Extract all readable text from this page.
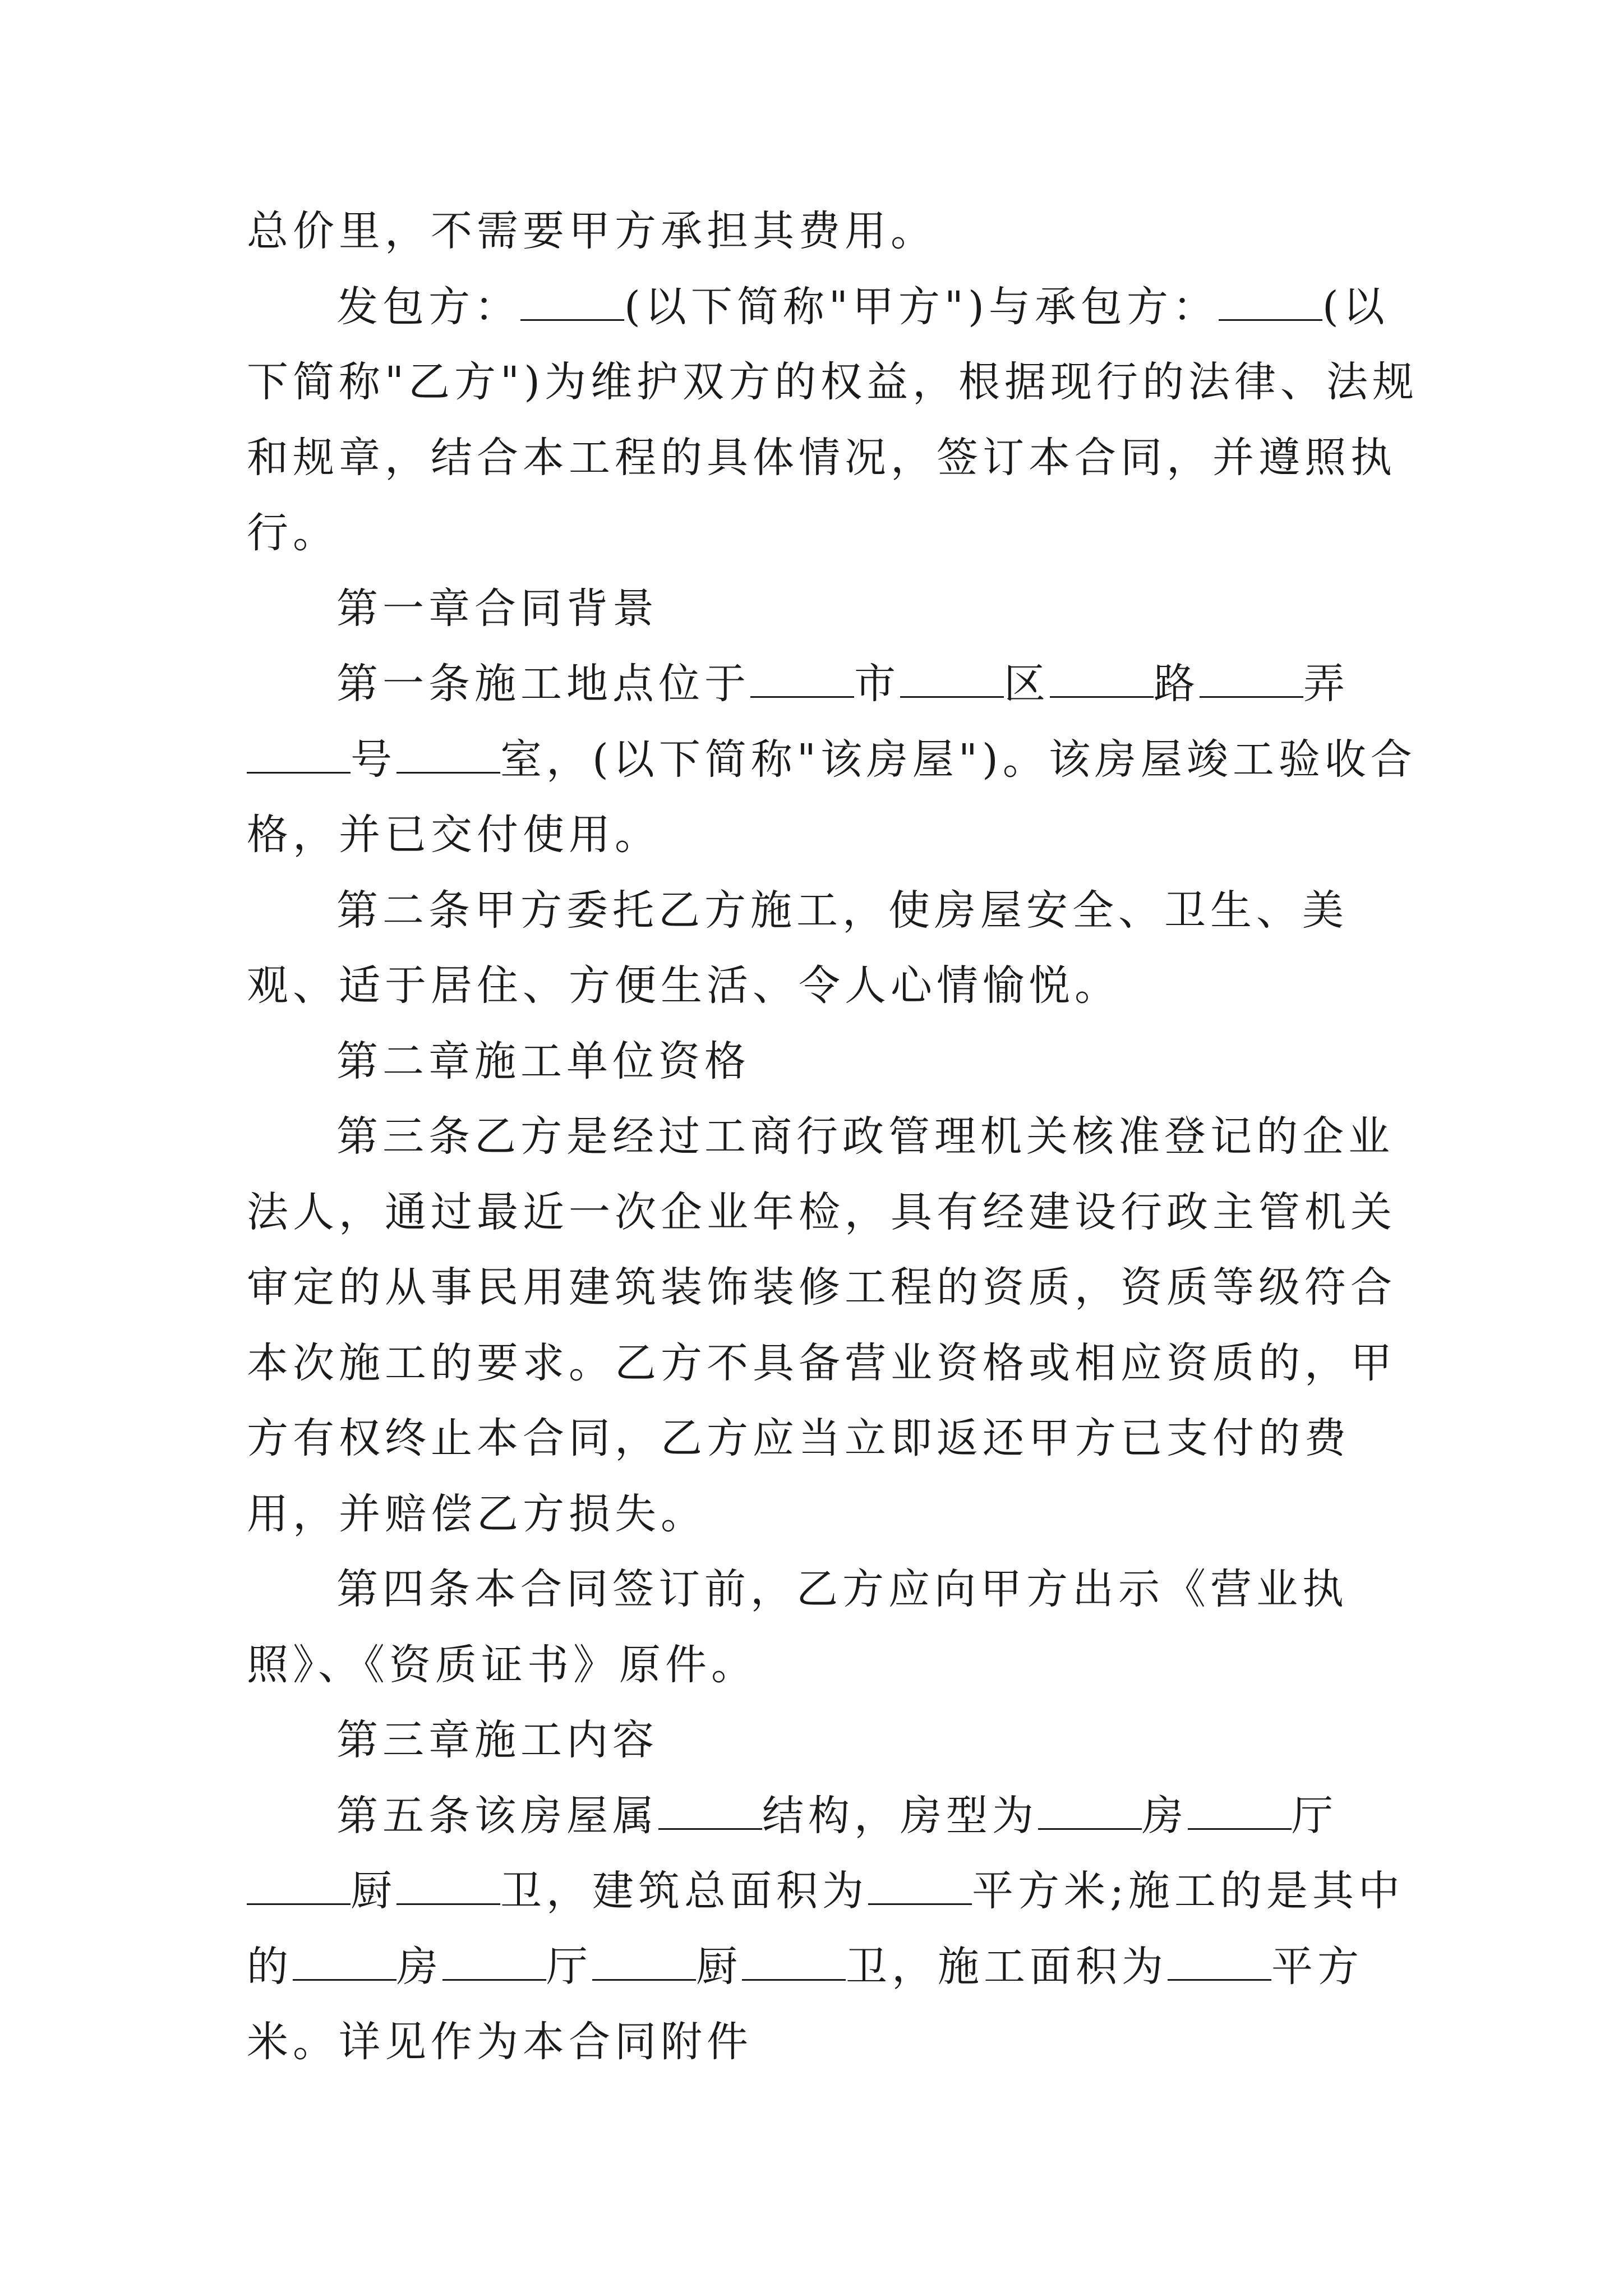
总价里，不需要甲方承担其费用。

发包方：	(以下简称"甲方")与承包方：	(以下简称"乙方")为维护双方的权益，根据现行的法律、法规和规章，结合本工程的具体情况，签订本合同，并遵照执行。

第一章合同背景

第一条施工地点位于	市	区	路	弄号	室，(以下简称"该房屋")。该房屋竣工验收合格，并已交付使用。

第二条甲方委托乙方施工，使房屋安全、卫生、美观、适于居住、方便生活、令人心情愉悦。

第二章施工单位资格

第三条乙方是经过工商行政管理机关核准登记的企业法人，通过最近一次企业年检，具有经建设行政主管机关审定的从事民用建筑装饰装修工程的资质，资质等级符合本次施工的要求。乙方不具备营业资格或相应资质的，甲方有权终止本合同，乙方应当立即返还甲方已支付的费用，并赔偿乙方损失。

第四条本合同签订前，乙方应向甲方出示《营业执照》、《资质证书》原件。

第三章施工内容

第五条该房屋属	结构，房型为	房	厅厨	卫，建筑总面积为	平方米;施工的是其中的	房	厅	厨	卫，施工面积为	平方米。详见作为本合同附件
